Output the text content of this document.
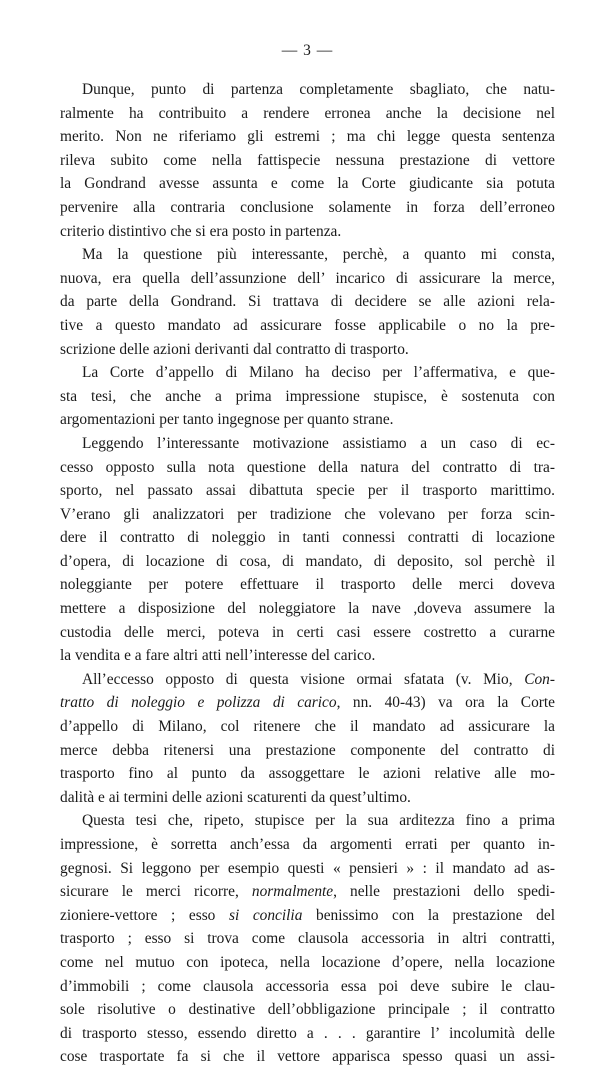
— 3 —
Dunque, punto di partenza completamente sbagliato, che natu-
ralmente ha contribuito a rendere erronea anche la decisione nel
merito. Non ne riferiamo gli estremi ; ma chi legge questa sentenza
rileva subito come nella fattispecie nessuna prestazione di vettore
la Gondrand avesse assunta e come la Corte giudicante sia potuta
pervenire alla contraria conclusione solamente in forza dell’erroneo
criterio distintivo che si era posto in partenza.
Ma la questione più interessante, perchè, a quanto mi consta,
nuova, era quella dell’assunzione dell’ incarico di assicurare la merce,
da parte della Gondrand. Si trattava di decidere se alle azioni rela-
tive a questo mandato ad assicurare fosse applicabile o no la pre-
scrizione delle azioni derivanti dal contratto di trasporto.
La Corte d’appello di Milano ha deciso per l’affermativa, e que-
sta tesi, che anche a prima impressione stupisce, è sostenuta con
argomentazioni per tanto ingegnose per quanto strane.
Leggendo l’interessante motivazione assistiamo a un caso di ec-
cesso opposto sulla nota questione della natura del contratto di tra-
sporto, nel passato assai dibattuta specie per il trasporto marittimo.
V’erano gli analizzatori per tradizione che volevano per forza scin-
dere il contratto di noleggio in tanti connessi contratti di locazione
d’opera, di locazione di cosa, di mandato, di deposito, sol perchè il
noleggiante per potere effettuare il trasporto delle merci doveva
mettere a disposizione del noleggiatore la nave ,doveva assumere la
custodia delle merci, poteva in certi casi essere costretto a curarne
la vendita e a fare altri atti nell’interesse del carico.
All’eccesso opposto di questa visione ormai sfatata (v. Mio, Con-
tratto di noleggio e polizza di carico, nn. 40-43) va ora la Corte
d’appello di Milano, col ritenere che il mandato ad assicurare la
merce debba ritenersi una prestazione componente del contratto di
trasporto fino al punto da assoggettare le azioni relative alle mo-
dalità e ai termini delle azioni scaturenti da quest’ultimo.
Questa tesi che, ripeto, stupisce per la sua arditezza fino a prima
impressione, è sorretta anch’essa da argomenti errati per quanto in-
gegnosi. Si leggono per esempio questi « pensieri » : il mandato ad as-
sicurare le merci ricorre, normalmente, nelle prestazioni dello spedi-
zioniere-vettore ; esso si concilia benissimo con la prestazione del
trasporto ; esso si trova come clausola accessoria in altri contratti,
come nel mutuo con ipoteca, nella locazione d’opere, nella locazione
d’immobili ; come clausola accessoria essa poi deve subire le clau-
sole risolutive o destinative dell’obbligazione principale ; il contratto
di trasporto stesso, essendo diretto a . . . garantire l’ incolumità delle
cose trasportate fa si che il vettore apparisca spesso quasi un assi-
